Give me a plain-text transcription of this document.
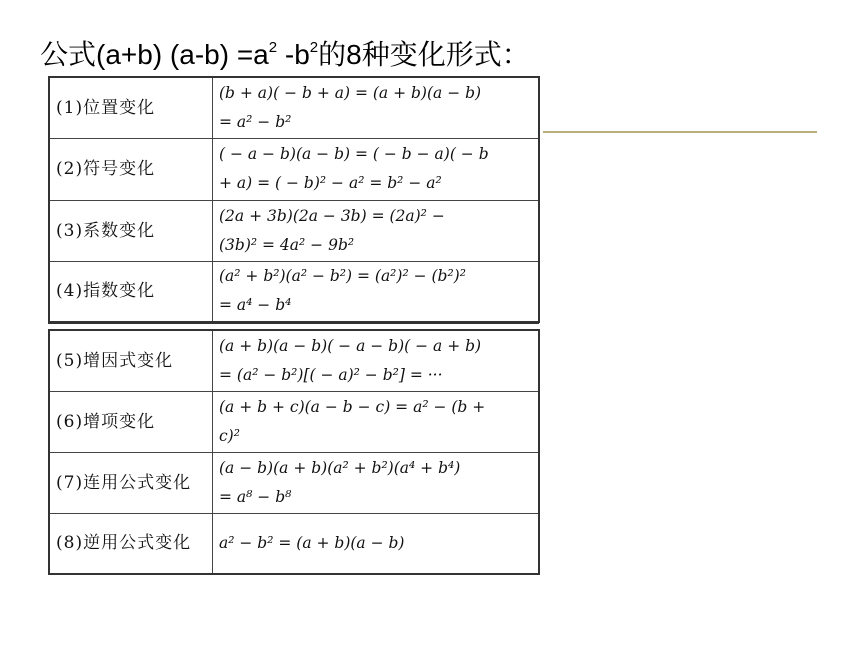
公式(a+b) $(a-b) =a^2$ $-b^2$的8种变化形式：
(1)位置变化	(b + a)( − b + a) = (a + b)(a − b)
= a² − b²

(2)符号变化	( − a − b)(a − b) = ( − b − a)( − b
+ a) = ( − b)² − a² = b² − a²

(3)系数变化	(2a + 3b)(2a − 3b) = (2a)² −
(3b)² = 4a² − 9b²

(4)指数变化	(a² + b²)(a² − b²) = (a²)² − (b²)²
= a⁴ − b⁴
(5)增因式变化	(a + b)(a − b)( − a − b)( − a + b)
= (a² − b²)[( − a)² − b²] = ···

(6)增项变化	(a + b + c)(a − b − c) = a² − (b +
c)²

(7)连用公式变化	(a − b)(a + b)(a² + b²)(a⁴ + b⁴)
= a⁸ − b⁸

(8)逆用公式变化	a² − b² = (a + b)(a − b)
